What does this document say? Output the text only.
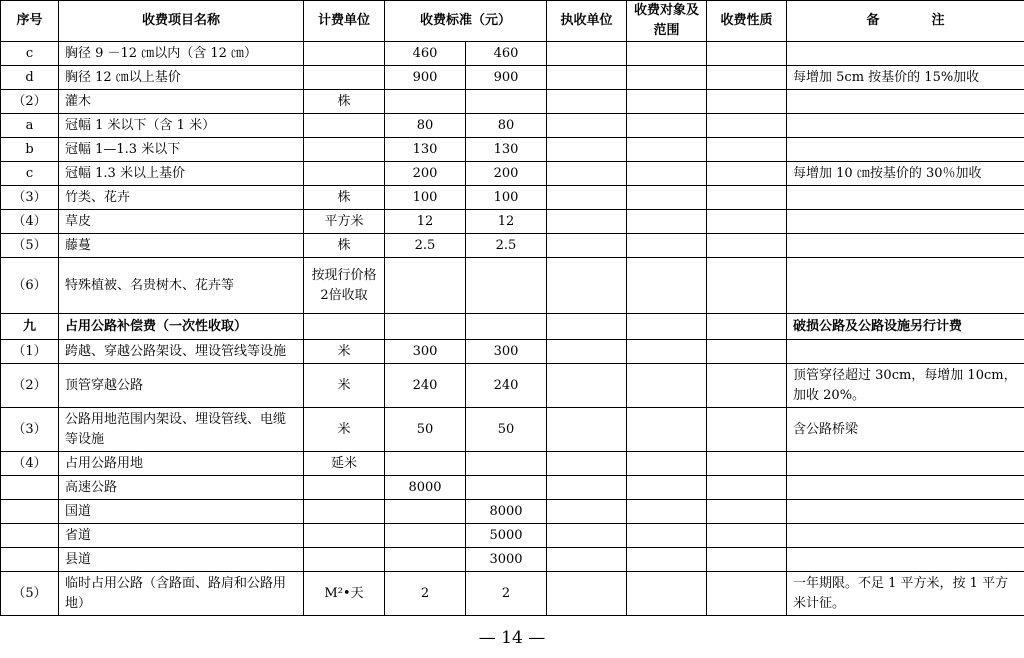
序号	收费项目名称	计费单位	收费标准（元）		执收单位	收费对象及范围	收费性质	备 注
c	胸径 9 －12 ㎝以内（含 12 ㎝）		460	460				
d	胸径 12 ㎝以上基价		900	900				每增加 5cm 按基价的 15%加收
（2）	灌木	株						
a	冠幅 1 米以下（含 1 米）		80	80				
b	冠幅 1—1.3 米以下		130	130				
c	冠幅 1.3 米以上基价		200	200				每增加 10 ㎝按基价的 30％加收
（3）	竹类、花卉	株	100	100				
（4）	草皮	平方米	12	12				
（5）	藤蔓	株	2.5	2.5				
（6）	特殊植被、名贵树木、花卉等	按现行价格2倍收取						
九	占用公路补偿费（一次性收取）							破损公路及公路设施另行计费
（1）	跨越、穿越公路架设、埋设管线等设施	米	300	300				
（2）	顶管穿越公路	米	240	240				顶管穿径超过 30cm，每增加 10cm，加收 20%。
（3）	公路用地范围内架设、埋设管线、电缆等设施	米	50	50				含公路桥梁
（4）	占用公路用地	延米						
	高速公路		8000					
	国道			8000				
	省道			5000				
	县道			3000				
（5）	临时占用公路（含路面、路肩和公路用地）	M²•天	2	2				一年期限。不足 1 平方米，按 1 平方米计征。
— 14 —
